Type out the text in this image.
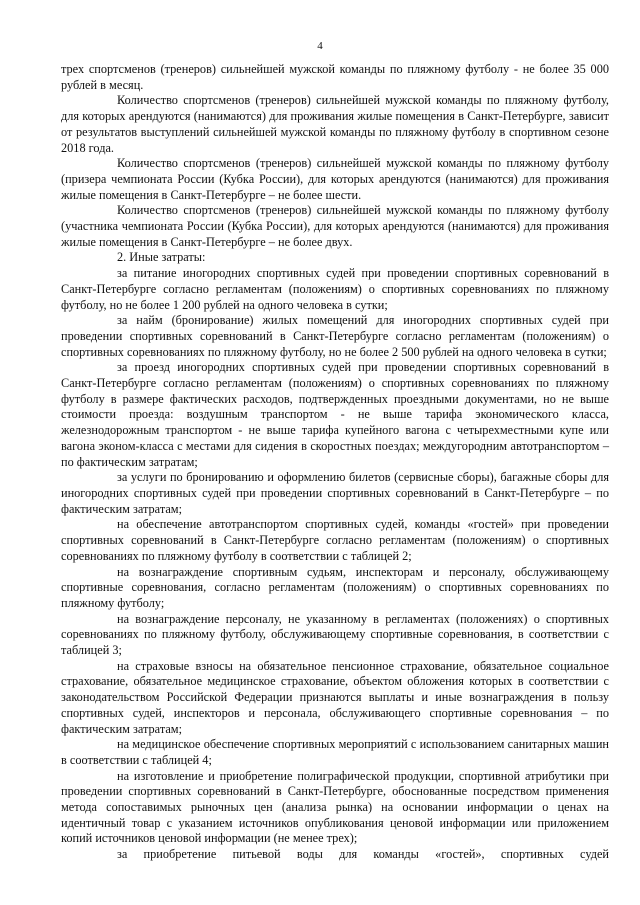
4

трех спортсменов (тренеров) сильнейшей мужской команды по пляжному футболу - не более 35 000 рублей в месяц.

Количество спортсменов (тренеров) сильнейшей мужской команды по пляжному футболу, для которых арендуются (нанимаются) для проживания жилые помещения в Санкт-Петербурге, зависит от результатов выступлений сильнейшей мужской команды по пляжному футболу в спортивном сезоне 2018 года.

Количество спортсменов (тренеров) сильнейшей мужской команды по пляжному футболу (призера чемпионата России (Кубка России), для которых арендуются (нанимаются) для проживания жилые помещения в Санкт-Петербурге – не более шести.

Количество спортсменов (тренеров) сильнейшей мужской команды по пляжному футболу (участника чемпионата России (Кубка России), для которых арендуются (нанимаются) для проживания жилые помещения в Санкт-Петербурге – не более двух.

2. Иные затраты:

за питание иногородних спортивных судей при проведении спортивных соревнований в Санкт-Петербурге согласно регламентам (положениям) о спортивных соревнованиях по пляжному футболу, но не более 1 200 рублей на одного человека в сутки;

за найм (бронирование) жилых помещений для иногородних спортивных судей при проведении спортивных соревнований в Санкт-Петербурге согласно регламентам (положениям) о спортивных соревнованиях по пляжному футболу, но не более 2 500 рублей на одного человека в сутки;

за проезд иногородних спортивных судей при проведении спортивных соревнований в Санкт-Петербурге согласно регламентам (положениям) о спортивных соревнованиях по пляжному футболу в размере фактических расходов, подтвержденных проездными документами, но не выше стоимости проезда: воздушным транспортом - не выше тарифа экономического класса, железнодорожным транспортом - не выше тарифа купейного вагона с четырехместными купе или вагона эконом-класса с местами для сидения в скоростных поездах; междугородним автотранспортом – по фактическим затратам;

за услуги по бронированию и оформлению билетов (сервисные сборы), багажные сборы для иногородних спортивных судей при проведении спортивных соревнований в Санкт-Петербурге – по фактическим затратам;

на обеспечение автотранспортом спортивных судей, команды «гостей» при проведении спортивных соревнований в Санкт-Петербурге согласно регламентам (положениям) о спортивных соревнованиях по пляжному футболу в соответствии с таблицей 2;

на вознаграждение спортивным судьям, инспекторам и персоналу, обслуживающему спортивные соревнования, согласно регламентам (положениям) о спортивных соревнованиях по пляжному футболу;

на вознаграждение персоналу, не указанному в регламентах (положениях) о спортивных соревнованиях по пляжному футболу, обслуживающему спортивные соревнования, в соответствии с таблицей 3;

на страховые взносы на обязательное пенсионное страхование, обязательное социальное страхование, обязательное медицинское страхование, объектом обложения которых в соответствии с законодательством Российской Федерации признаются выплаты и иные вознаграждения в пользу спортивных судей, инспекторов и персонала, обслуживающего спортивные соревнования – по фактическим затратам;

на медицинское обеспечение спортивных мероприятий с использованием санитарных машин в соответствии с таблицей 4;

на изготовление и приобретение полиграфической продукции, спортивной атрибутики при проведении спортивных соревнований в Санкт-Петербурге, обоснованные посредством применения метода сопоставимых рыночных цен (анализа рынка) на основании информации о ценах на идентичный товар с указанием источников опубликования ценовой информации или приложением копий источников ценовой информации (не менее трех);

за приобретение питьевой воды для команды «гостей», спортивных судей
